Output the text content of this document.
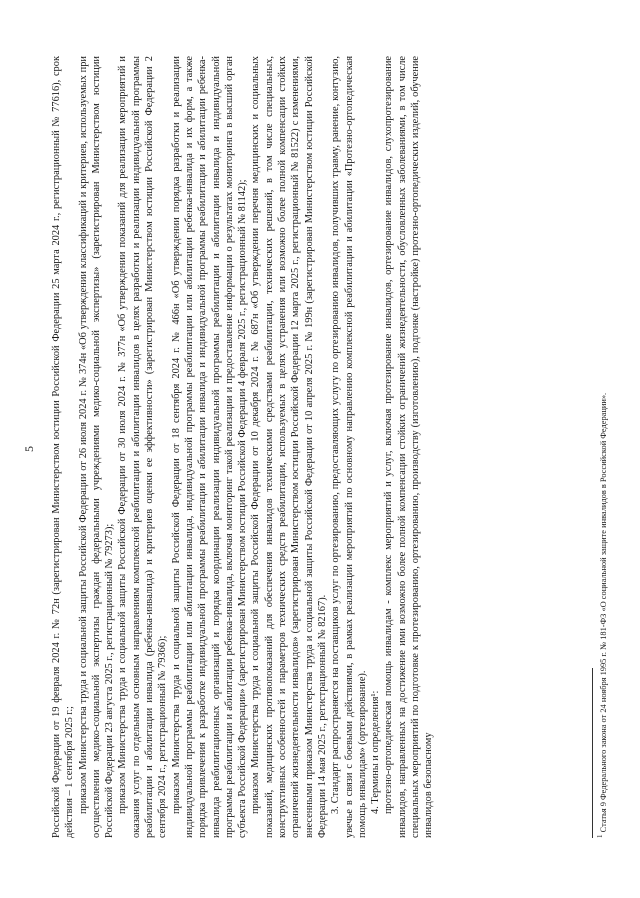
5 Российской Федерации от 19 февраля 2024 г. № 72н (зарегистрирован Министерством юстиции Российской Федерации 25 марта 2024 г., регистрационный № 77616), срок действия – 1 сентября 2025 г.; приказом Министерства труда и социальной защиты Российской Федерации от 26 июля 2024 г. № 374н «Об утверждении классификаций и критериев, используемых при осуществлении медико-социальной экспертизы граждан федеральными учреждениями медико-социальной экспертизы» (зарегистрирован Министерством юстиции Российской Федерации 23 августа 2025 г., регистрационный № 79273); приказом Министерства труда и социальной защиты Российской Федерации от 30 июля 2024 г. № 377н «Об утверждении показаний для реализации мероприятий и оказания услуг по отдельным основным направлениям комплексной реабилитации и абилитации инвалидов в целях разработки и реализации индивидуальной программы реабилитации и абилитации инвалида (ребенка-инвалида) и критериев оценки ее эффективности» (зарегистрирован Министерством юстиции Российской Федерации 2 сентября 2024 г., регистрационный № 79366); приказом Министерства труда и социальной защиты Российской Федерации от 18 сентября 2024 г. № 466н «Об утверждении порядка разработки и реализации индивидуальной программы реабилитации или абилитации инвалида, индивидуальной программы реабилитации или абилитации ребенка-инвалида и их форм, а также порядка привлечения к разработке индивидуальной программы реабилитации и абилитации инвалида и индивидуальной программы реабилитации и абилитации ребенка-инвалида реабилитационных организаций и порядка координации реализации индивидуальной программы реабилитации и абилитации инвалида и индивидуальной программы реабилитации и абилитации ребенка-инвалида, включая мониторинг такой реализации и предоставление информации о результатах мониторинга в высший орган субъекта Российской Федерации» (зарегистрирован Министерством юстиции Российской Федерации 4 февраля 2025 г., регистрационный № 81142); приказом Министерства труда и социальной защиты Российской Федерации от 10 декабря 2024 г. № 687н «Об утверждении перечня медицинских и социальных показаний, медицинских противопоказаний для обеспечения инвалидов техническими средствами реабилитации, технических решений, в том числе специальных, конструктивных особенностей и параметров технических средств реабилитации, используемых в целях устранения или возможно более полной компенсации стойких ограничений жизнедеятельности инвалидов» (зарегистрирован Министерством юстиции Российской Федерации 12 марта 2025 г., регистрационный № 81522) с изменениями, внесенными приказом Министерства труда и социальной защиты Российской Федерации от 10 апреля 2025 г. № 199н (зарегистрирован Министерством юстиции Российской Федерации 14 мая 2025 г., регистрационный № 82167). 3. Стандарт распространяется на поставщиков услуг по ортезированию, предоставляющих услугу по ортезированию инвалидов, получивших травму, ранение, контузию, увечье в связи с боевыми действиями, в рамках реализации мероприятий по основному направлению комплексной реабилитации и абилитации «Протезно-ортопедическая помощь инвалидам» (ортезирование). 4. Термины и определения¹: протезно-ортопедическая помощь инвалидам - комплекс мероприятий и услуг, включая протезирование инвалидов, ортезирование инвалидов, слухопротезирование инвалидов, направленных на достижение ими возможно более полной компенсации стойких ограничений жизнедеятельности, обусловленных заболеваниями, в том числе специальных мероприятий по подготовке к протезированию, ортезированию, производству (изготовлению), подгонке (настройке) протезно-ортопедических изделий, обучение инвалидов безопасному	$^1$ Статья 9 Федерального закона от 24 ноября 1995 г. № 181-ФЗ «О социальной защите инвалидов в Российской Федерации».
